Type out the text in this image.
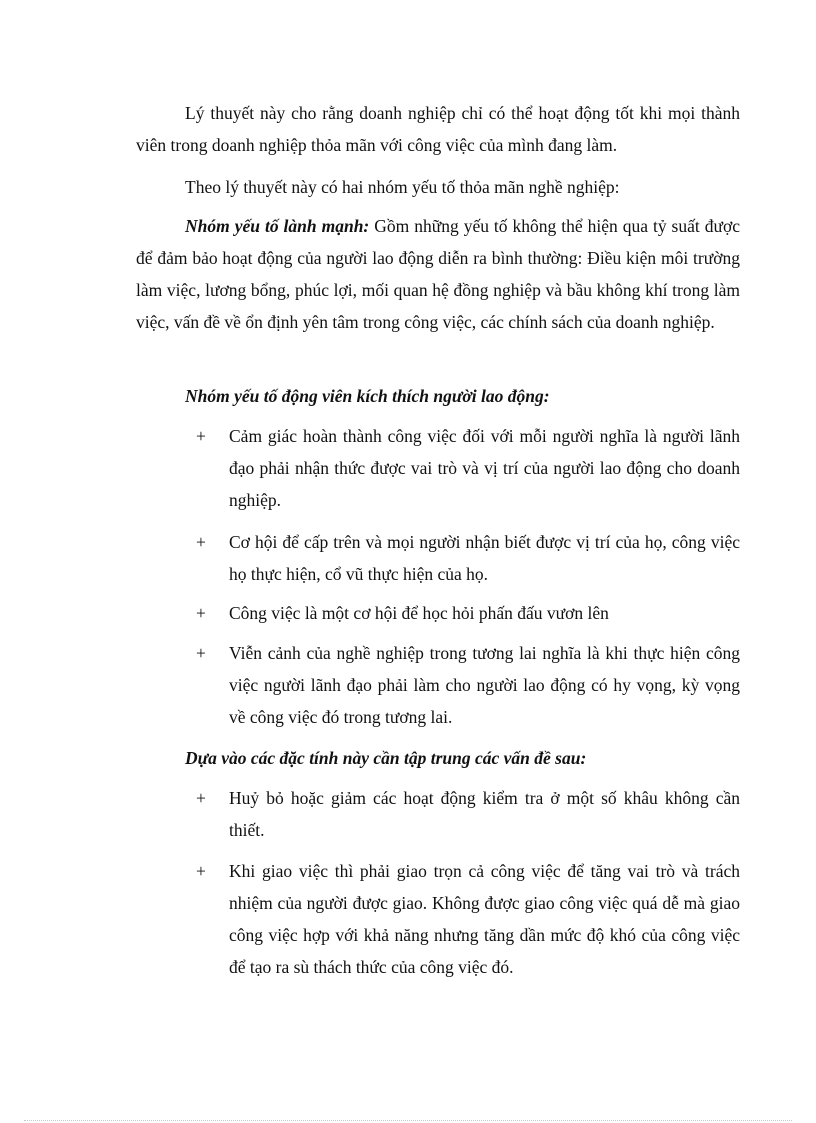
Lý thuyết này cho rằng doanh nghiệp chỉ có thể hoạt động tốt khi mọi thành viên trong doanh nghiệp thỏa mãn với công việc của mình đang làm.

Theo lý thuyết này có hai nhóm yếu tố thỏa mãn nghề nghiệp:

Nhóm yếu tố lành mạnh: Gồm những yếu tố không thể hiện qua tỷ suất được để đảm bảo hoạt động của người lao động diễn ra bình thường: Điều kiện môi trường làm việc, lương bổng, phúc lợi, mối quan hệ đồng nghiệp và bầu không khí trong làm việc, vấn đề về ổn định yên tâm trong công việc, các chính sách của doanh nghiệp.

Nhóm yếu tố động viên kích thích người lao động:

+	Cảm giác hoàn thành công việc đối với mỗi người nghĩa là người lãnh đạo phải nhận thức được vai trò và vị trí của người lao động cho doanh nghiệp.

+	Cơ hội để cấp trên và mọi người nhận biết được vị trí của họ, công việc họ thực hiện, cổ vũ thực hiện của họ.

+	Công việc là một cơ hội để học hỏi phấn đấu vươn lên

+	Viễn cảnh của nghề nghiệp trong tương lai nghĩa là khi thực hiện công việc người lãnh đạo phải làm cho người lao động có hy vọng, kỳ vọng về công việc đó trong tương lai.

Dựa vào các đặc tính này cần tập trung các vấn đề sau:

+	Huỷ bỏ hoặc giảm các hoạt động kiểm tra ở một số khâu không cần thiết.

+	Khi giao việc thì phải giao trọn cả công việc để tăng vai trò và trách nhiệm của người được giao. Không được giao công việc quá dễ mà giao công việc hợp với khả năng nhưng tăng dần mức độ khó của công việc để tạo ra sù thách thức của công việc đó.
